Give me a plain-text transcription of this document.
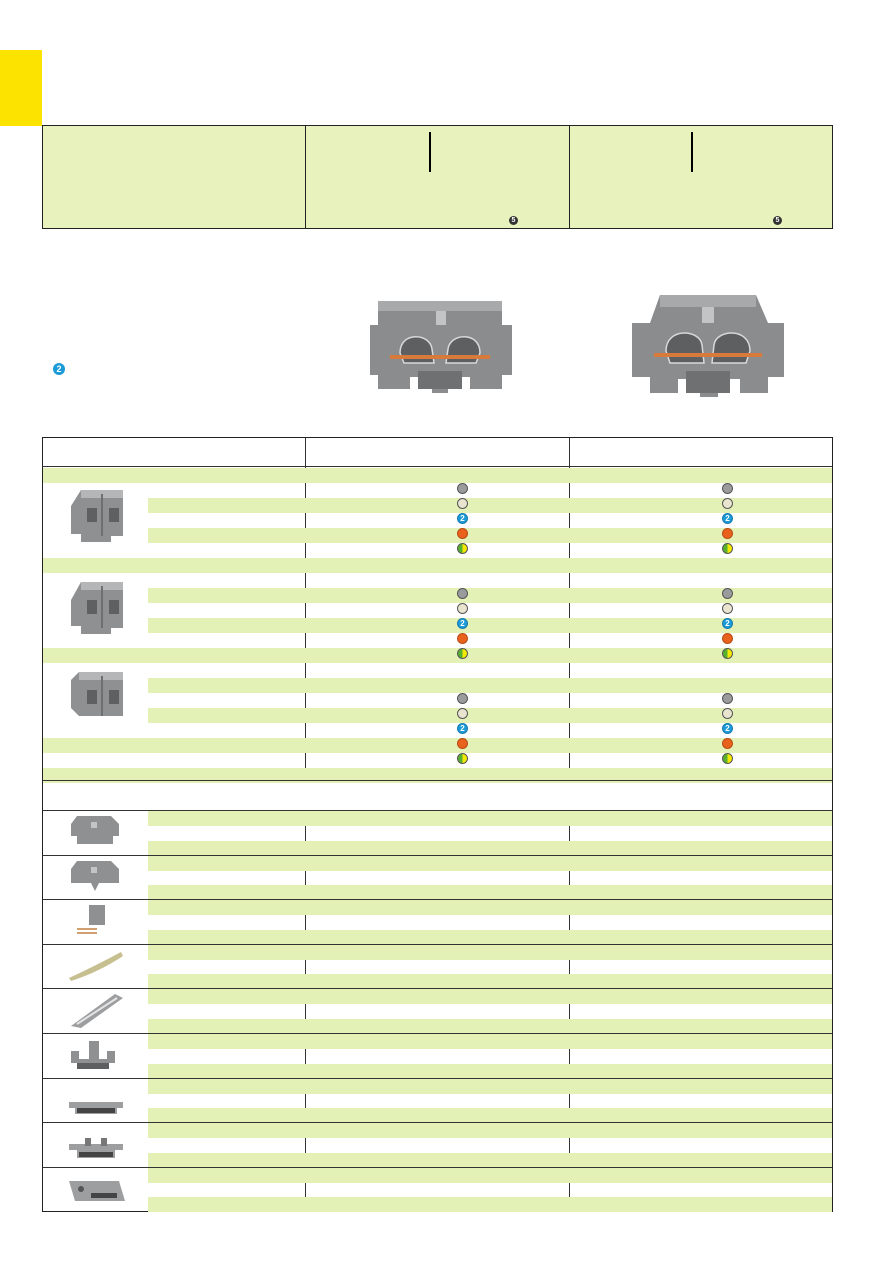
5	5
2
2
2
2
2
2
2
